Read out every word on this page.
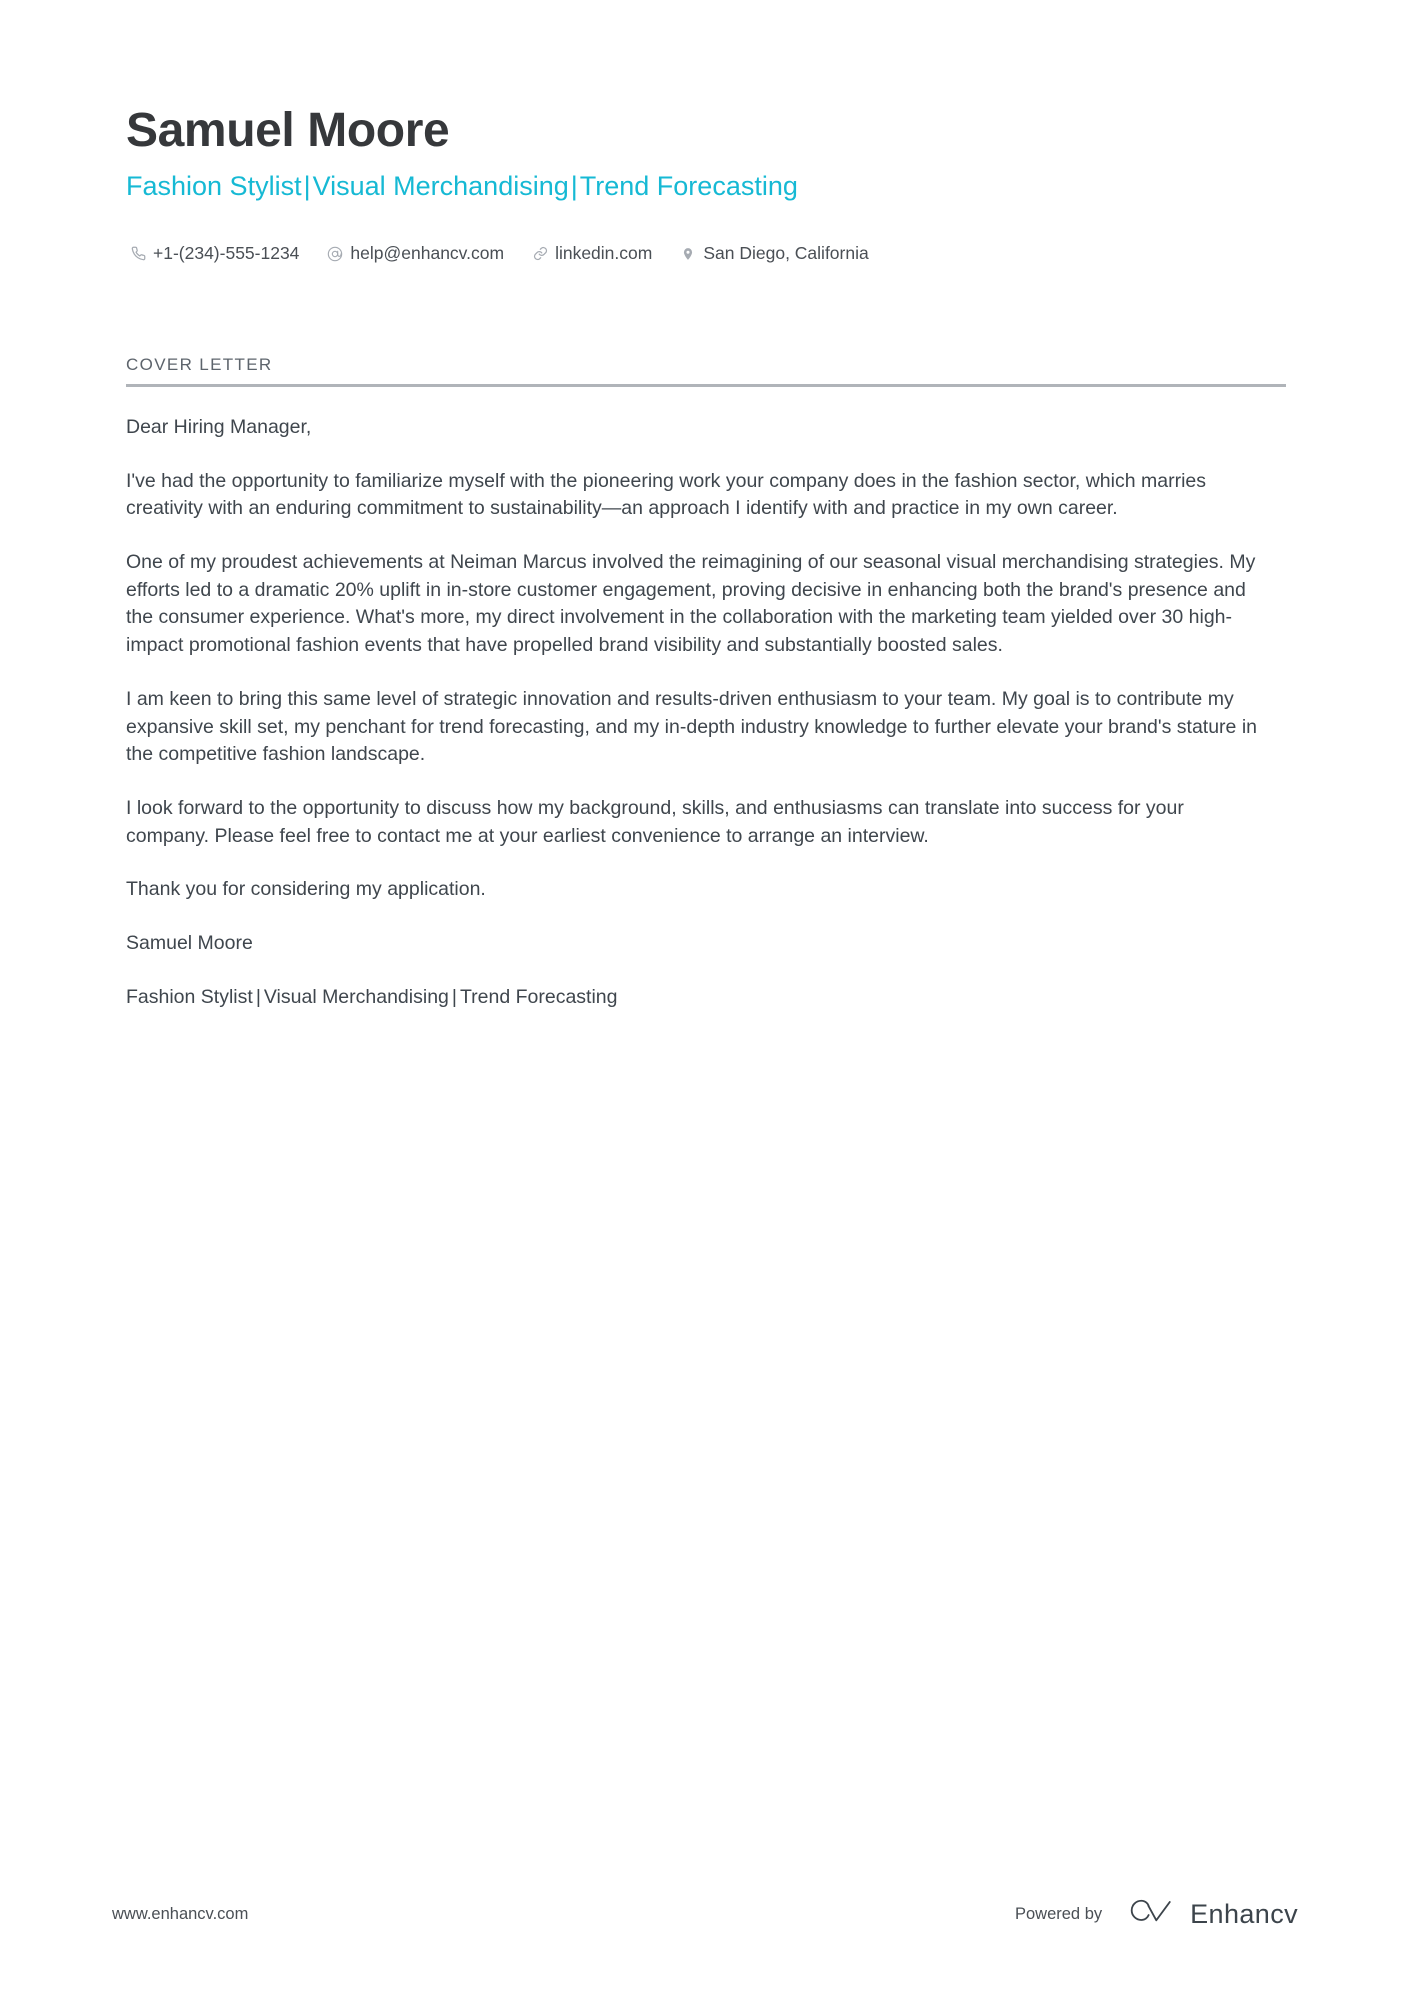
Samuel Moore
Fashion Stylist|Visual Merchandising|Trend Forecasting
+1-(234)-555-1234	help@enhancv.com	linkedin.com	San Diego, California
COVER LETTER

Dear Hiring Manager,

I've had the opportunity to familiarize myself with the pioneering work your company does in the fashion sector, which marries creativity with an enduring commitment to sustainability—an approach I identify with and practice in my own career.

One of my proudest achievements at Neiman Marcus involved the reimagining of our seasonal visual merchandising strategies. My efforts led to a dramatic 20% uplift in in-store customer engagement, proving decisive in enhancing both the brand's presence and the consumer experience. What's more, my direct involvement in the collaboration with the marketing team yielded over 30 high-impact promotional fashion events that have propelled brand visibility and substantially boosted sales.

I am keen to bring this same level of strategic innovation and results-driven enthusiasm to your team. My goal is to contribute my expansive skill set, my penchant for trend forecasting, and my in-depth industry knowledge to further elevate your brand's stature in the competitive fashion landscape.

I look forward to the opportunity to discuss how my background, skills, and enthusiasms can translate into success for your company. Please feel free to contact me at your earliest convenience to arrange an interview.

Thank you for considering my application.

Samuel Moore

Fashion Stylist | Visual Merchandising | Trend Forecasting

www.enhancv.com	Powered by	Enhancv
